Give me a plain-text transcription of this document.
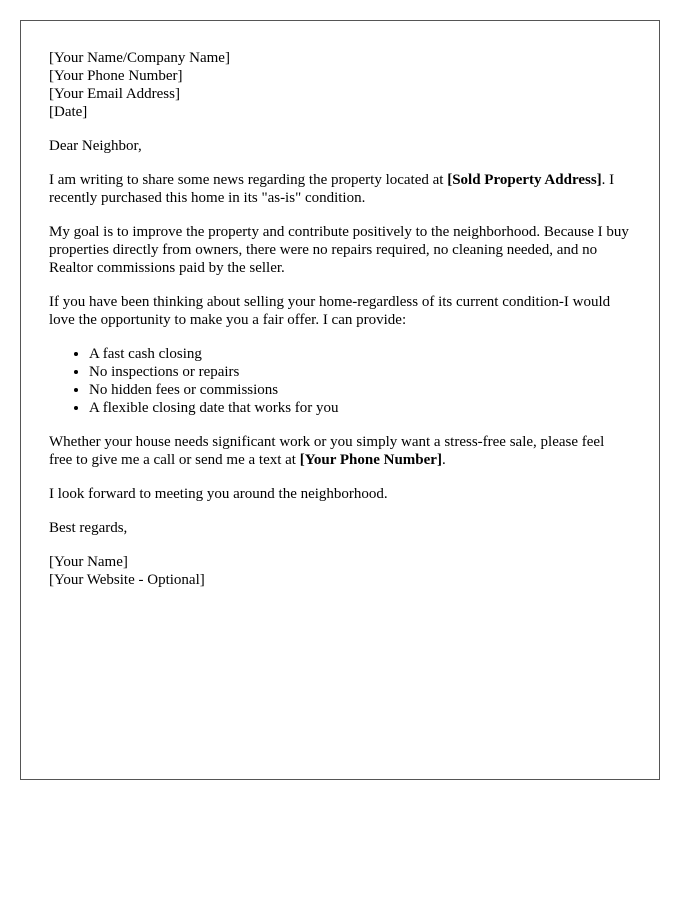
[Your Name/Company Name]
[Your Phone Number]
[Your Email Address]
[Date]

Dear Neighbor,

I am writing to share some news regarding the property located at [Sold Property Address]. I recently purchased this home in its "as-is" condition.

My goal is to improve the property and contribute positively to the neighborhood. Because I buy properties directly from owners, there were no repairs required, no cleaning needed, and no Realtor commissions paid by the seller.

If you have been thinking about selling your home-regardless of its current condition-I would love the opportunity to make you a fair offer. I can provide:

• A fast cash closing
• No inspections or repairs
• No hidden fees or commissions
• A flexible closing date that works for you

Whether your house needs significant work or you simply want a stress-free sale, please feel free to give me a call or send me a text at [Your Phone Number].

I look forward to meeting you around the neighborhood.

Best regards,

[Your Name]
[Your Website - Optional]
